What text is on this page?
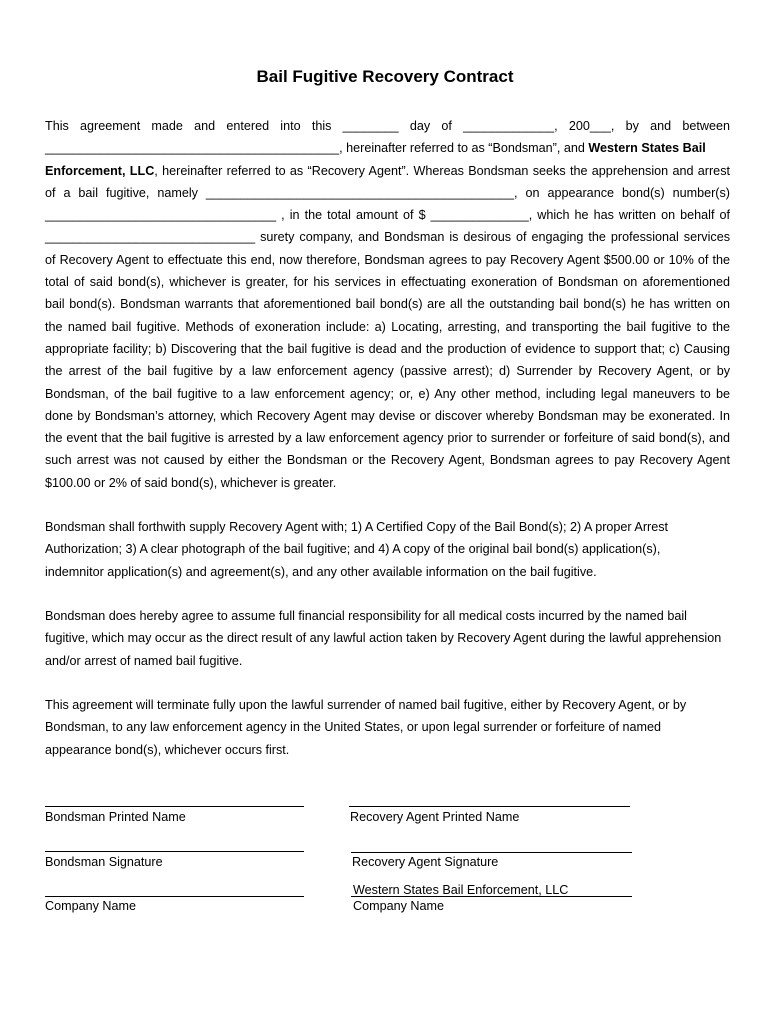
Bail Fugitive Recovery Contract
This agreement made and entered into this ________ day of _____________, 200___, by and between
__________________________________________, hereinafter referred to as “Bondsman”, and Western States Bail
Enforcement, LLC, hereinafter referred to as “Recovery Agent”. Whereas Bondsman seeks the apprehension and arrest
of a bail fugitive, namely ____________________________________________, on appearance bond(s) number(s)
_________________________________ , in the total amount of $ ______________, which he has written on behalf of
______________________________ surety company, and Bondsman is desirous of engaging the professional services
of Recovery Agent to effectuate this end, now therefore, Bondsman agrees to pay Recovery Agent $500.00 or 10% of the
total of said bond(s), whichever is greater, for his services in effectuating exoneration of Bondsman on aforementioned
bail bond(s). Bondsman warrants that aforementioned bail bond(s) are all the outstanding bail bond(s) he has written on
the named bail fugitive. Methods of exoneration include: a) Locating, arresting, and transporting the bail fugitive to the
appropriate facility; b) Discovering that the bail fugitive is dead and the production of evidence to support that; c) Causing
the arrest of the bail fugitive by a law enforcement agency (passive arrest); d) Surrender by Recovery Agent, or by
Bondsman, of the bail fugitive to a law enforcement agency; or, e) Any other method, including legal maneuvers to be
done by Bondsman’s attorney, which Recovery Agent may devise or discover whereby Bondsman may be exonerated. In
the event that the bail fugitive is arrested by a law enforcement agency prior to surrender or forfeiture of said bond(s), and
such arrest was not caused by either the Bondsman or the Recovery Agent, Bondsman agrees to pay Recovery Agent
$100.00 or 2% of said bond(s), whichever is greater.
Bondsman shall forthwith supply Recovery Agent with; 1) A Certified Copy of the Bail Bond(s); 2) A proper Arrest
Authorization; 3) A clear photograph of the bail fugitive; and 4) A copy of the original bail bond(s) application(s),
indemnitor application(s) and agreement(s), and any other available information on the bail fugitive.
Bondsman does hereby agree to assume full financial responsibility for all medical costs incurred by the named bail
fugitive, which may occur as the direct result of any lawful action taken by Recovery Agent during the lawful apprehension
and/or arrest of named bail fugitive.
This agreement will terminate fully upon the lawful surrender of named bail fugitive, either by Recovery Agent, or by
Bondsman, to any law enforcement agency in the United States, or upon legal surrender or forfeiture of named
appearance bond(s), whichever occurs first.
Bondsman Printed Name	Recovery Agent Printed Name
Bondsman Signature	Recovery Agent Signature
Company Name
Western States Bail Enforcement, LLC
Company Name
